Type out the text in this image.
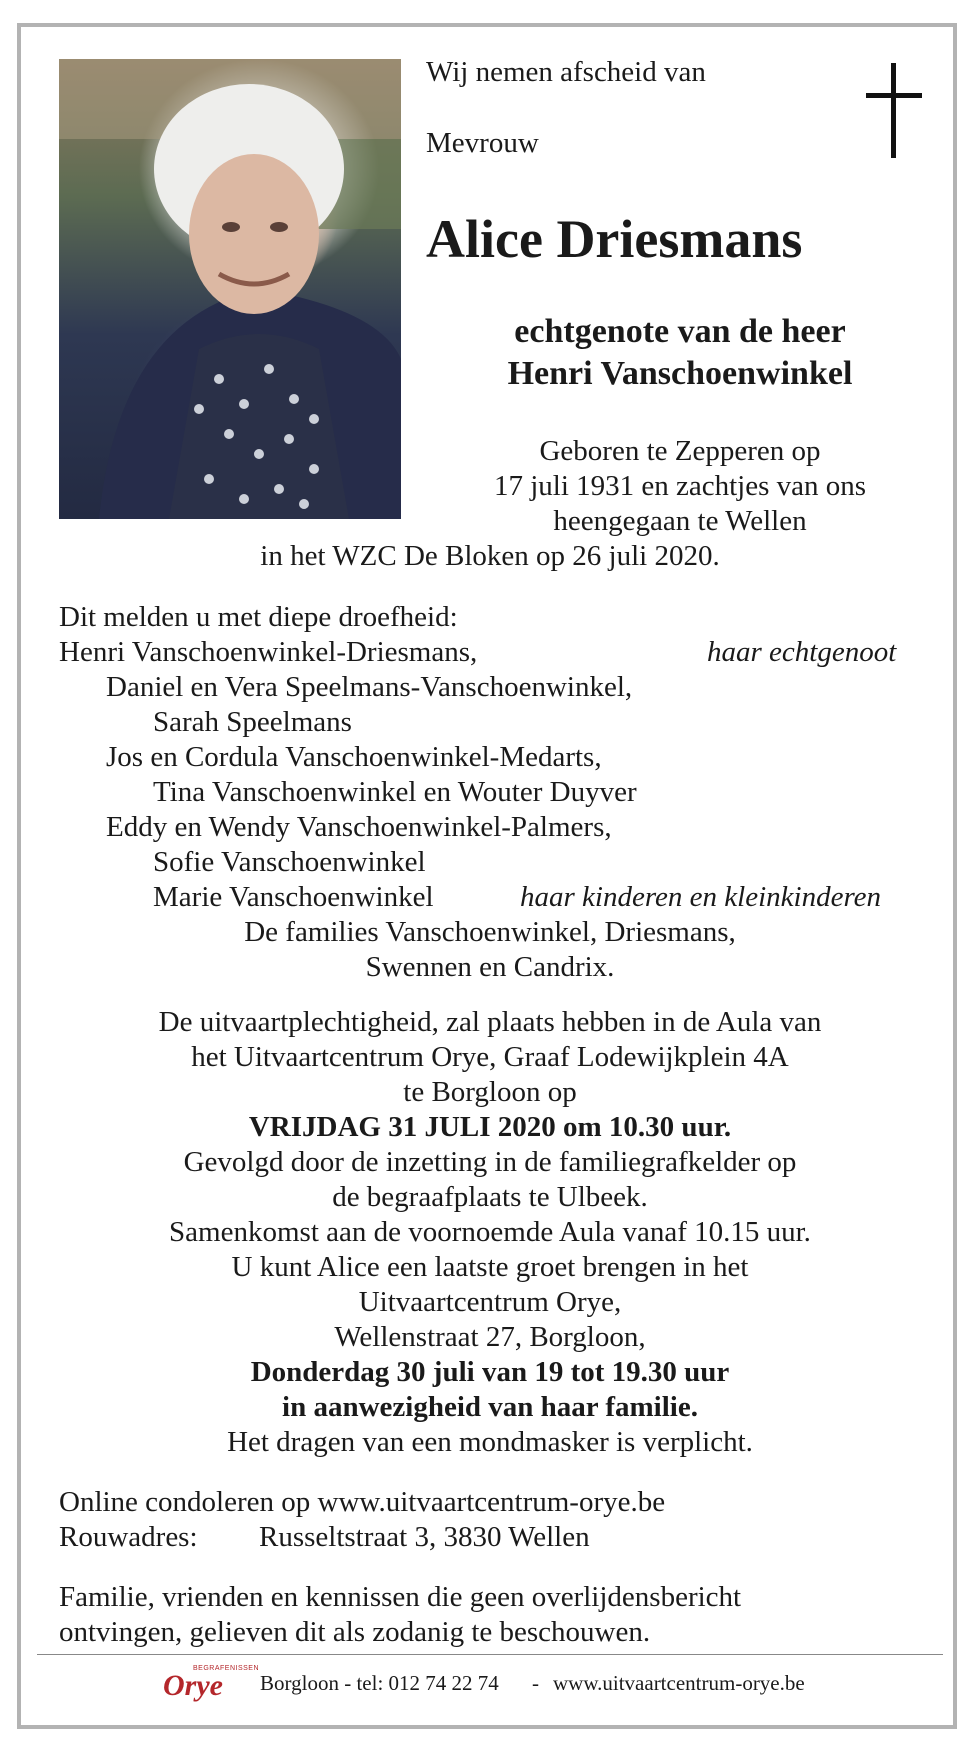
Wij nemen afscheid van
Mevrouw
Alice Driesmans
echtgenote van de heer
Henri Vanschoenwinkel
Geboren te Zepperen op
17 juli 1931 en zachtjes van ons
heengegaan te Wellen
in het WZC De Bloken op 26 juli 2020.
Dit melden u met diepe droefheid:
Henri Vanschoenwinkel-Driesmans,	haar echtgenoot
Daniel en Vera Speelmans-Vanschoenwinkel,
Sarah Speelmans
Jos en Cordula Vanschoenwinkel-Medarts,
Tina Vanschoenwinkel en Wouter Duyver
Eddy en Wendy Vanschoenwinkel-Palmers,
Sofie Vanschoenwinkel
Marie Vanschoenwinkel	haar kinderen en kleinkinderen
De families Vanschoenwinkel, Driesmans,
Swennen en Candrix.
De uitvaartplechtigheid, zal plaats hebben in de Aula van
het Uitvaartcentrum Orye, Graaf Lodewijkplein 4A
te Borgloon op
VRIJDAG 31 JULI 2020 om 10.30 uur.
Gevolgd door de inzetting in de familiegrafkelder op
de begraafplaats te Ulbeek.
Samenkomst aan de voornoemde Aula vanaf 10.15 uur.
U kunt Alice een laatste groet brengen in het
Uitvaartcentrum Orye,
Wellenstraat 27, Borgloon,
Donderdag 30 juli van 19 tot 19.30 uur
in aanwezigheid van haar familie.
Het dragen van een mondmasker is verplicht.
Online condoleren op www.uitvaartcentrum-orye.be
Rouwadres: Russeltstraat 3, 3830 Wellen
Familie, vrienden en kennissen die geen overlijdensbericht
ontvingen, gelieven dit als zodanig te beschouwen.
BEGRAFENISSEN
Orye Borgloon - tel: 012 74 22 74 - www.uitvaartcentrum-orye.be
